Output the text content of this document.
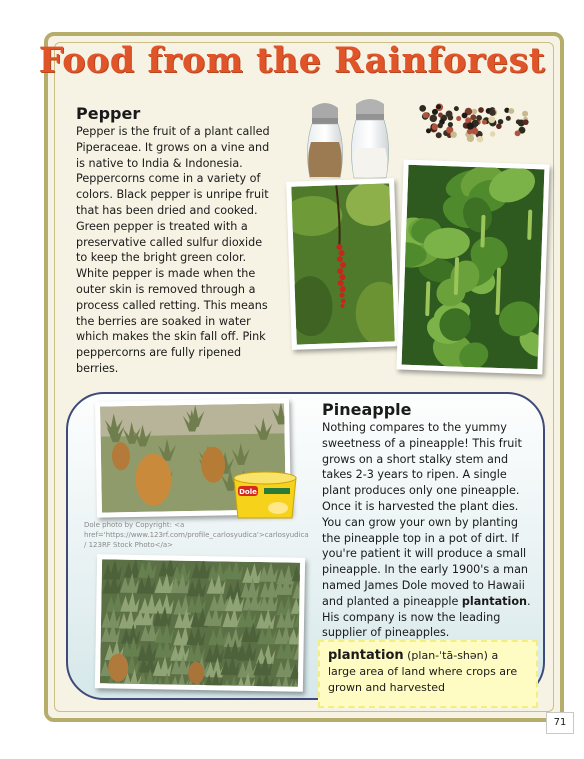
Food from the Rainforest
Pepper
Pepper is the fruit of a plant called Piperaceae. It grows on a vine and is native to India & Indonesia. Peppercorns come in a variety of colors. Black pepper is unripe fruit that has been dried and cooked. Green pepper is treated with a preservative called sulfur dioxide to keep the bright green color. White pepper is made when the outer skin is removed through a process called retting. This means the berries are soaked in water which makes the skin fall off. Pink peppercorns are fully ripened berries.
Dole
Dole photo by Copyright: <a href='https://www.123rf.com/profile_carlosyudica'>carlosyudica / 123RF Stock Photo</a>
Pineapple
Nothing compares to the yummy sweetness of a pineapple! This fruit grows on a short stalky stem and takes 2-3 years to ripen. A single plant produces only one pineapple. Once it is harvested the plant dies. You can grow your own by planting the pineapple top in a pot of dirt. If you're patient it will produce a small pineapple. In the early 1900's a man named James Dole moved to Hawaii and planted a pineapple plantation. His company is now the leading supplier of pineapples.
plantation (plan-ˈtā-shən) a large area of land where crops are grown and harvested
71
